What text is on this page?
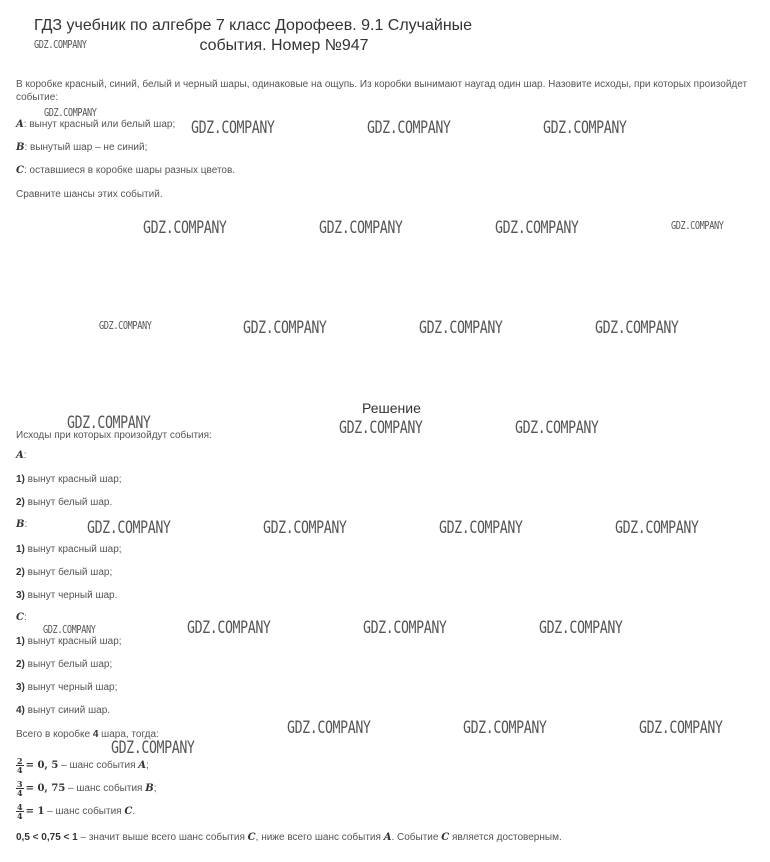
ГДЗ учебник по алгебре 7 класс Дорофеев. 9.1 Случайные
события. Номер №947
В коробке красный, синий, белый и черный шары, одинаковые на ощупь. Из коробки вынимают наугад один шар. Назовите исходы, при которых произойдет событие:
A: вынут красный или белый шар;
B: вынутый шар – не синий;
C: оставшиеся в коробке шары разных цветов.
Сравните шансы этих событий.
Решение
Исходы при которых произойдут события:
A:
1) вынут красный шар;
2) вынут белый шар.
B:
1) вынут красный шар;
2) вынут белый шар;
3) вынут черный шар.
C:
1) вынут красный шар;
2) вынут белый шар;
3) вынут черный шар;
4) вынут синий шар.
Всего в коробке 4 шара, тогда:
$\frac{2}{4} = 0$, 5 – шанс события A;
$\frac{3}{4} = 0$, 75 – шанс события B;
$\frac{4}{4} = 1$ – шанс события C.
0,5 < 0,75 < 1 – значит выше всего шанс события C, ниже всего шанс события A. Событие C является достоверным.
GDZ.COMPANY
GDZ.COMPANY
GDZ.COMPANY	GDZ.COMPANY	GDZ.COMPANY
GDZ.COMPANY	GDZ.COMPANY	GDZ.COMPANY	GDZ.COMPANY
GDZ.COMPANY	GDZ.COMPANY	GDZ.COMPANY	GDZ.COMPANY
GDZ.COMPANY	GDZ.COMPANY	GDZ.COMPANY
GDZ.COMPANY	GDZ.COMPANY	GDZ.COMPANY	GDZ.COMPANY
GDZ.COMPANY	GDZ.COMPANY	GDZ.COMPANY	GDZ.COMPANY
GDZ.COMPANY	GDZ.COMPANY	GDZ.COMPANY
GDZ.COMPANY
